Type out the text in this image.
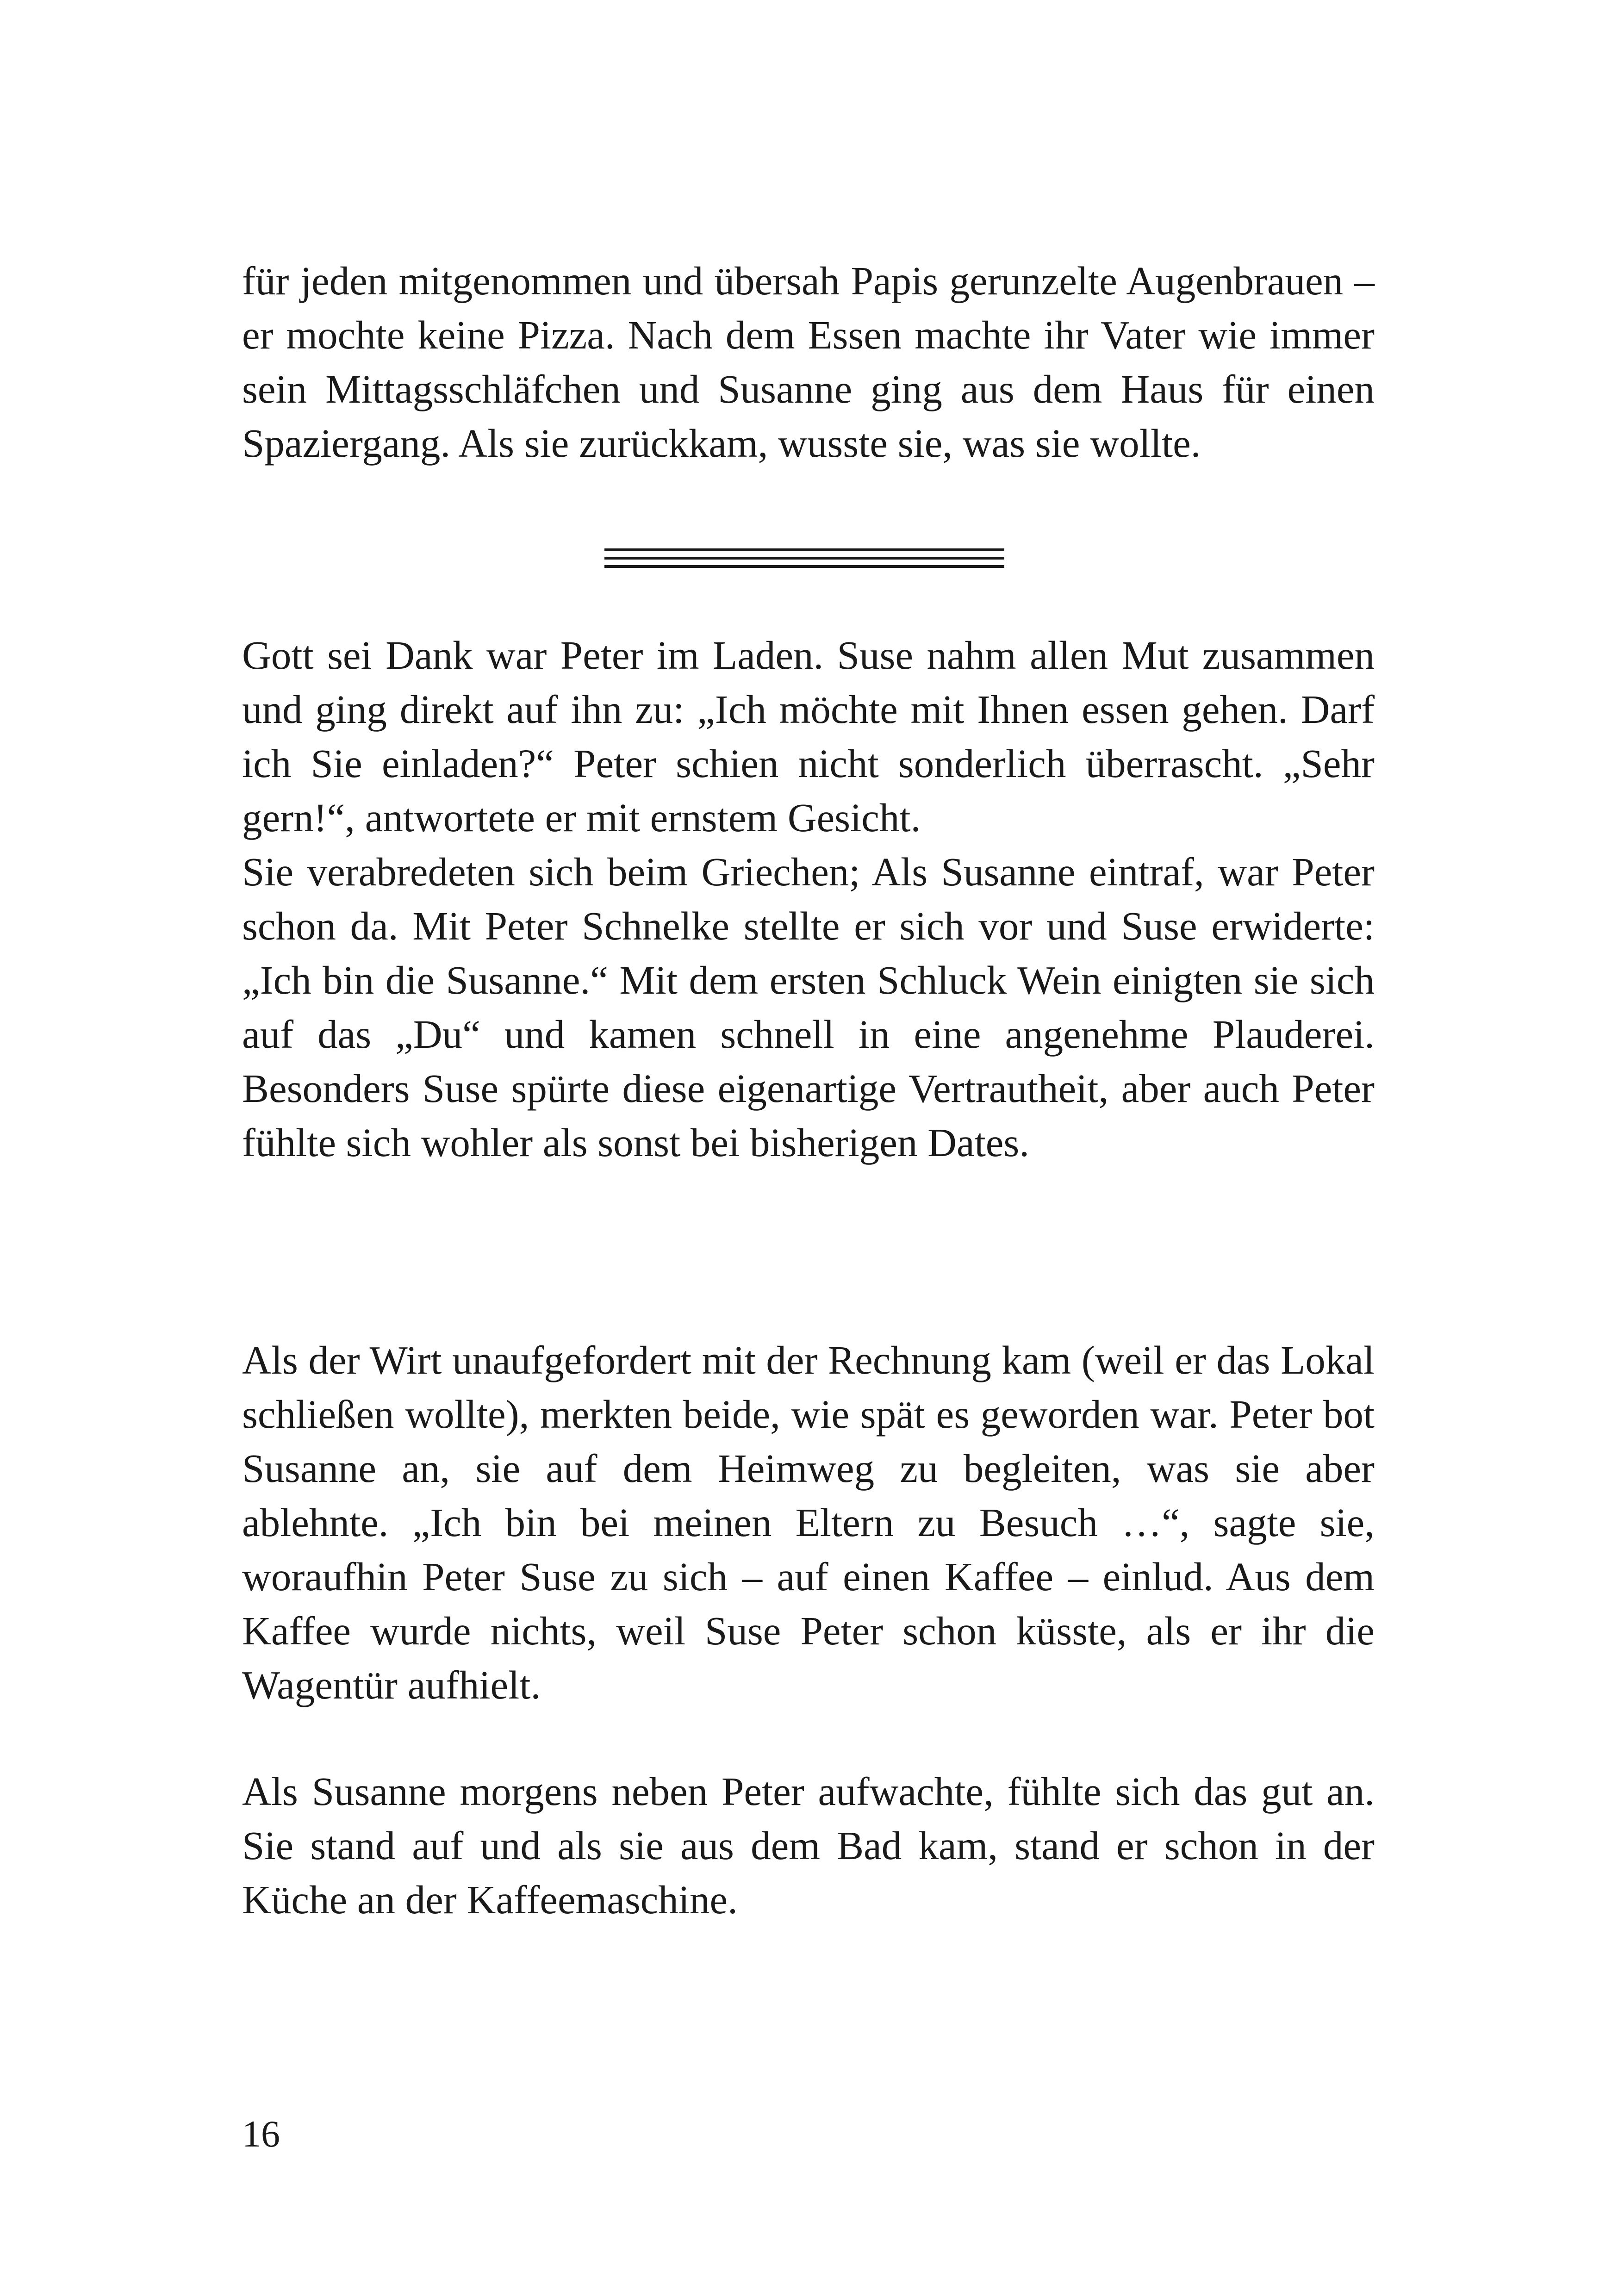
für jeden mitgenommen und übersah Papis gerunzelte Augenbrauen – er mochte keine Pizza. Nach dem Essen machte ihr Vater wie immer sein Mittagsschläfchen und Susanne ging aus dem Haus für einen Spaziergang. Als sie zurückkam, wusste sie, was sie wollte.

Gott sei Dank war Peter im Laden. Suse nahm allen Mut zusammen und ging direkt auf ihn zu: „Ich möchte mit Ihnen essen gehen. Darf ich Sie einladen?“ Peter schien nicht sonderlich überrascht. „Sehr gern!“, antwortete er mit ernstem Gesicht.

Sie verabredeten sich beim Griechen; Als Susanne eintraf, war Peter schon da. Mit Peter Schnelke stellte er sich vor und Suse erwiderte: „Ich bin die Susanne.“ Mit dem ersten Schluck Wein einigten sie sich auf das „Du“ und kamen schnell in eine angenehme Plauderei. Besonders Suse spürte diese eigenartige Vertrautheit, aber auch Peter fühlte sich wohler als sonst bei bisherigen Dates.

Als der Wirt unaufgefordert mit der Rechnung kam (weil er das Lokal schließen wollte), merkten beide, wie spät es geworden war. Peter bot Susanne an, sie auf dem Heimweg zu begleiten, was sie aber ablehnte. „Ich bin bei meinen Eltern zu Besuch …“, sagte sie, woraufhin Peter Suse zu sich – auf einen Kaffee – einlud. Aus dem Kaffee wurde nichts, weil Suse Peter schon küsste, als er ihr die Wagentür aufhielt.

Als Susanne morgens neben Peter aufwachte, fühlte sich das gut an. Sie stand auf und als sie aus dem Bad kam, stand er schon in der Küche an der Kaffeemaschine.

16
